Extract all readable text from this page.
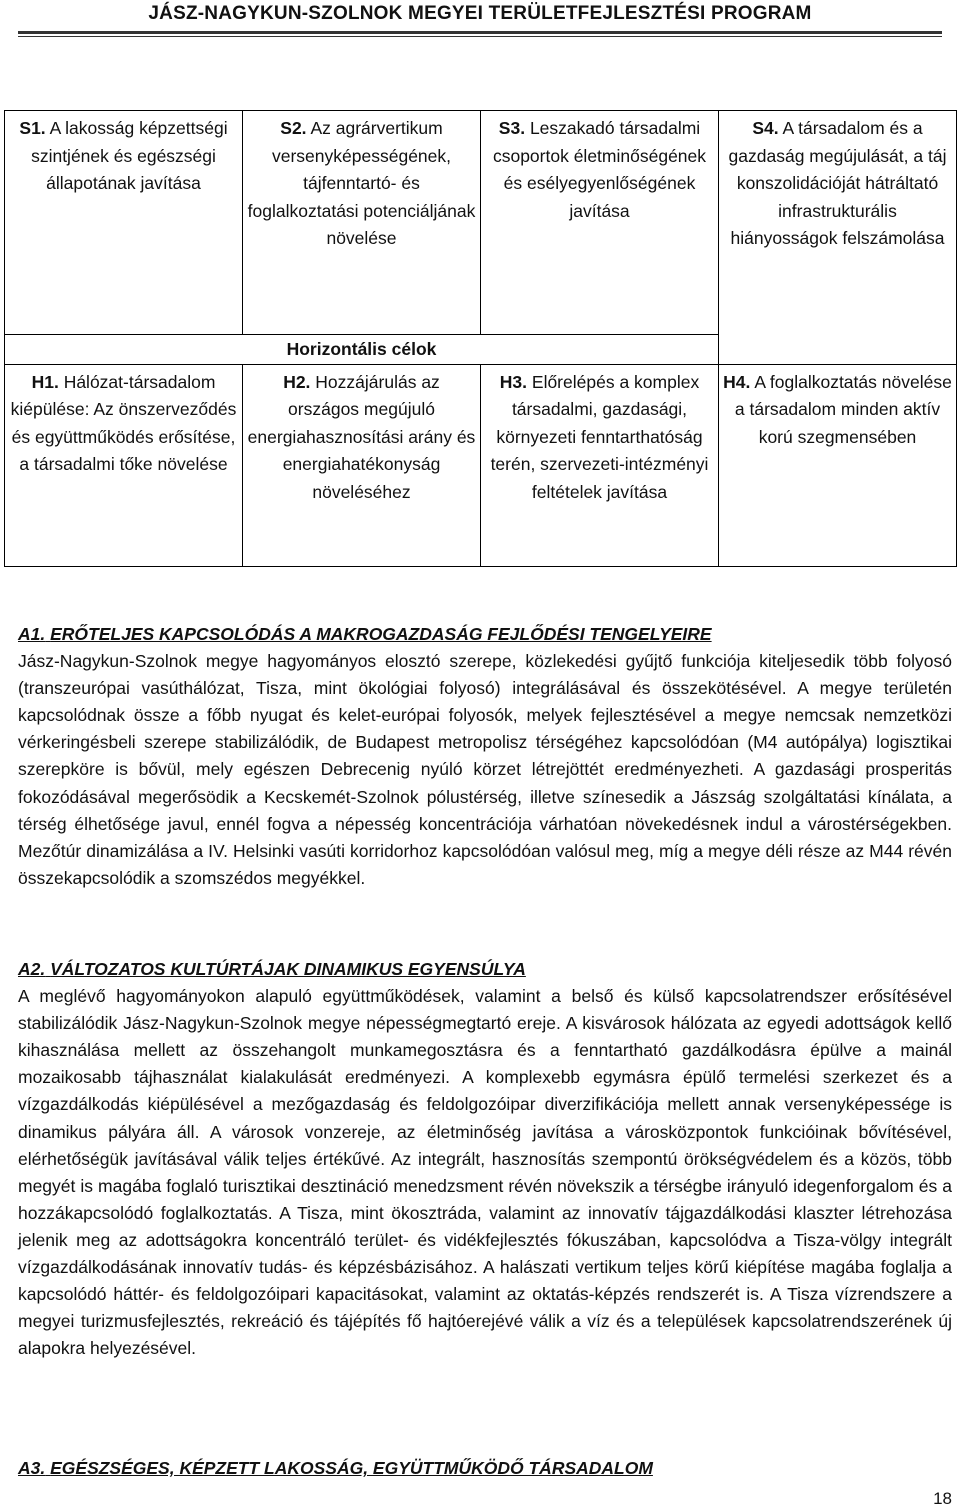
JÁSZ-NAGYKUN-SZOLNOK MEGYEI TERÜLETFEJLESZTÉSI PROGRAM
S1. A lakosság képzettségi szintjének és egészségi állapotának javítása	S2. Az agrárvertikum versenyképességének, tájfenntartó- és foglalkoztatási potenciáljának növelése	S3. Leszakadó társadalmi csoportok életminőségének és esélyegyenlőségének javítása	S4. A társadalom és a gazdaság megújulását, a táj konszolidációját hátráltató infrastrukturális hiányosságok felszámolása
Horizontális célok			
H1. Hálózat-társadalom kiépülése: Az önszerveződés és együttműködés erősítése, a társadalmi tőke növelése	H2. Hozzájárulás az országos megújuló energiahasznosítási arány és energiahatékonyság növeléséhez	H3. Előrelépés a komplex társadalmi, gazdasági, környezeti fenntarthatóság terén, szervezeti-intézményi feltételek javítása	H4. A foglalkoztatás növelése a társadalom minden aktív korú szegmensében
A1. ERŐTELJES KAPCSOLÓDÁS A MAKROGAZDASÁG FEJLŐDÉSI TENGELYEIRE
Jász-Nagykun-Szolnok megye hagyományos elosztó szerepe, közlekedési gyűjtő funkciója kiteljesedik több folyosó (transzeurópai vasúthálózat, Tisza, mint ökológiai folyosó) integrálásával és összekötésével. A megye területén kapcsolódnak össze a főbb nyugat és kelet-európai folyosók, melyek fejlesztésével a megye nemcsak nemzetközi vérkeringésbeli szerepe stabilizálódik, de Budapest metropolisz térségéhez kapcsolódóan (M4 autópálya) logisztikai szerepköre is bővül, mely egészen Debrecenig nyúló körzet létrejöttét eredményezheti. A gazdasági prosperitás fokozódásával megerősödik a Kecskemét-Szolnok pólustérség, illetve színesedik a Jászság szolgáltatási kínálata, a térség élhetősége javul, ennél fogva a népesség koncentrációja várhatóan növekedésnek indul a várostérségekben. Mezőtúr dinamizálása a IV. Helsinki vasúti korridorhoz kapcsolódóan valósul meg, míg a megye déli része az M44 révén összekapcsolódik a szomszédos megyékkel.
A2. VÁLTOZATOS KULTÚRTÁJAK DINAMIKUS EGYENSÚLYA
A meglévő hagyományokon alapuló együttműködések, valamint a belső és külső kapcsolatrendszer erősítésével stabilizálódik Jász-Nagykun-Szolnok megye népességmegtartó ereje. A kisvárosok hálózata az egyedi adottságok kellő kihasználása mellett az összehangolt munkamegosztásra és a fenntartható gazdálkodásra épülve a mainál mozaikosabb tájhasználat kialakulását eredményezi. A komplexebb egymásra épülő termelési szerkezet és a vízgazdálkodás kiépülésével a mezőgazdaság és feldolgozóipar diverzifikációja mellett annak versenyképessége is dinamikus pályára áll. A városok vonzereje, az életminőség javítása a városközpontok funkcióinak bővítésével, elérhetőségük javításával válik teljes értékűvé. Az integrált, hasznosítás szempontú örökségvédelem és a közös, több megyét is magába foglaló turisztikai desztináció menedzsment révén növekszik a térségbe irányuló idegenforgalom és a hozzákapcsolódó foglalkoztatás. A Tisza, mint ökosztráda, valamint az innovatív tájgazdálkodási klaszter létrehozása jelenik meg az adottságokra koncentráló terület- és vidékfejlesztés fókuszában, kapcsolódva a Tisza-völgy integrált vízgazdálkodásának innovatív tudás- és képzésbázisához. A halászati vertikum teljes körű kiépítése magába foglalja a kapcsolódó háttér- és feldolgozóipari kapacitásokat, valamint az oktatás-képzés rendszerét is. A Tisza vízrendszere a megyei turizmusfejlesztés, rekreáció és tájépítés fő hajtóerejévé válik a víz és a települések kapcsolatrendszerének új alapokra helyezésével.
A3. EGÉSZSÉGES, KÉPZETT LAKOSSÁG, EGYÜTTMŰKÖDŐ TÁRSADALOM
18
